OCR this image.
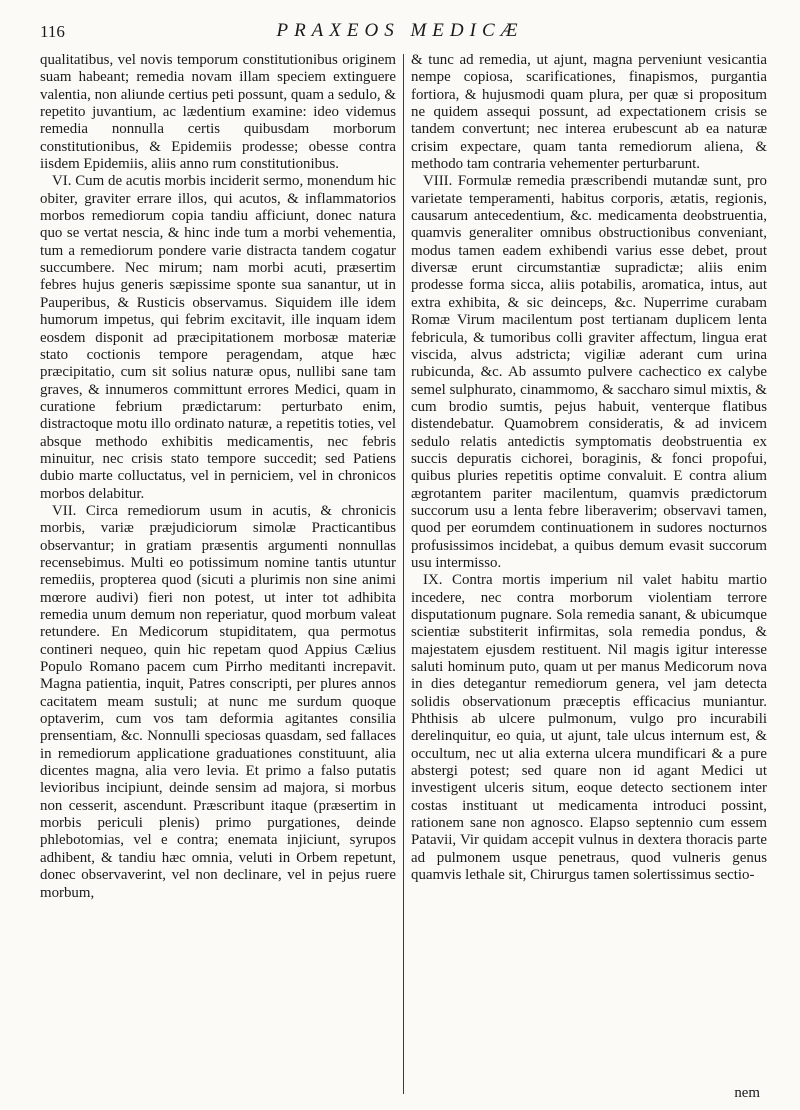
116	PRAXEOS MEDICÆ

qualitatibus, vel novis temporum constitutionibus originem suam habeant; remedia novam illam speciem extinguere valentia, non aliunde certius peti possunt, quam a sedulo, & repetito juvantium, ac lædentium examine: ideo videmus remedia nonnulla certis quibusdam morborum constitutionibus, & Epidemiis prodesse; obesse contra iisdem Epidemiis, aliis anno rum constitutionibus.

VI. Cum de acutis morbis inciderit sermo, monendum hic obiter, graviter errare illos, qui acutos, & inflammatorios morbos remediorum copia tandiu afficiunt, donec natura quo se vertat nescia, & hinc inde tum a morbi vehementia, tum a remediorum pondere varie distracta tandem cogatur succumbere. Nec mirum; nam morbi acuti, præsertim febres hujus generis sæpissime sponte sua sanantur, ut in Pauperibus, & Rusticis observamus. Siquidem ille idem humorum impetus, qui febrim excitavit, ille inquam idem eosdem disponit ad præcipitationem morbosæ materiæ stato coctionis tempore peragendam, atque hæc præcipitatio, cum sit solius naturæ opus, nullibi sane tam graves, & innumeros committunt errores Medici, quam in curatione febrium prædictarum: perturbato enim, distractoque motu illo ordinato naturæ, a repetitis toties, vel absque methodo exhibitis medicamentis, nec febris minuitur, nec crisis stato tempore succedit; sed Patiens dubio marte colluctatus, vel in perniciem, vel in chronicos morbos delabitur.

VII. Circa remediorum usum in acutis, & chronicis morbis, variæ præjudiciorum simolæ Practicantibus observantur; in gratiam præsentis argumenti nonnullas recensebimus. Multi eo potissimum nomine tantis utuntur remediis, propterea quod (sicuti a plurimis non sine animi mœrore audivi) fieri non potest, ut inter tot adhibita remedia unum demum non reperiatur, quod morbum valeat retundere. En Medicorum stupiditatem, qua permotus contineri nequeo, quin hic repetam quod Appius Cælius Populo Romano pacem cum Pirrho meditanti increpavit. Magna patientia, inquit, Patres conscripti, per plures annos cacitatem meam sustuli; at nunc me surdum quoque optaverim, cum vos tam deformia agitantes consilia prensentiam, &c. Nonnulli speciosas quasdam, sed fallaces in remediorum applicatione graduationes constituunt, alia dicentes magna, alia vero levia. Et primo a falso putatis levioribus incipiunt, deinde sensim ad majora, si morbus non cesserit, ascendunt. Præscribunt itaque (præsertim in morbis periculi plenis) primo purgationes, deinde phlebotomias, vel e contra; enemata injiciunt, syrupos adhibent, & tandiu hæc omnia, veluti in Orbem repetunt, donec observaverint, vel non declinare, vel in pejus ruere morbum,

& tunc ad remedia, ut ajunt, magna perveniunt vesicantia nempe copiosa, scarificationes, finapismos, purgantia fortiora, & hujusmodi quam plura, per quæ si propositum ne quidem assequi possunt, ad expectationem crisis se tandem convertunt; nec interea erubescunt ab ea naturæ crisim expectare, quam tanta remediorum aliena, & methodo tam contraria vehementer perturbarunt.

VIII. Formulæ remedia præscribendi mutandæ sunt, pro varietate temperamenti, habitus corporis, ætatis, regionis, causarum antecedentium, &c. medicamenta deobstruentia, quamvis generaliter omnibus obstructionibus conveniant, modus tamen eadem exhibendi varius esse debet, prout diversæ erunt circumstantiæ supradictæ; aliis enim prodesse forma sicca, aliis potabilis, aromatica, intus, aut extra exhibita, & sic deinceps, &c. Nuperrime curabam Romæ Virum macilentum post tertianam duplicem lenta febricula, & tumoribus colli graviter affectum, lingua erat viscida, alvus adstricta; vigiliæ aderant cum urina rubicunda, &c. Ab assumto pulvere cachectico ex calybe semel sulphurato, cinammomo, & saccharo simul mixtis, & cum brodio sumtis, pejus habuit, venterque flatibus distendebatur. Quamobrem consideratis, & ad invicem sedulo relatis antedictis symptomatis deobstruentia ex succis depuratis cichorei, boraginis, & fonci propofui, quibus pluries repetitis optime convaluit. E contra alium ægrotantem pariter macilentum, quamvis prædictorum succorum usu a lenta febre liberaverim; observavi tamen, quod per eorumdem continuationem in sudores nocturnos profusissimos incidebat, a quibus demum evasit succorum usu intermisso.

IX. Contra mortis imperium nil valet habitu martio incedere, nec contra morborum violentiam terrore disputationum pugnare. Sola remedia sanant, & ubicumque scientiæ substiterit infirmitas, sola remedia pondus, & majestatem ejusdem restituent. Nil magis igitur interesse saluti hominum puto, quam ut per manus Medicorum nova in dies detegantur remediorum genera, vel jam detecta solidis observationum præceptis efficacius muniantur. Phthisis ab ulcere pulmonum, vulgo pro incurabili derelinquitur, eo quia, ut ajunt, tale ulcus internum est, & occultum, nec ut alia externa ulcera mundificari & a pure abstergi potest; sed quare non id agant Medici ut investigent ulceris situm, eoque detecto sectionem inter costas instituant ut medicamenta introduci possint, rationem sane non agnosco. Elapso septennio cum essem Patavii, Vir quidam accepit vulnus in dextera thoracis parte ad pulmonem usque penetraus, quod vulneris genus quamvis lethale sit, Chirurgus tamen solertissimus sectio-

nem
